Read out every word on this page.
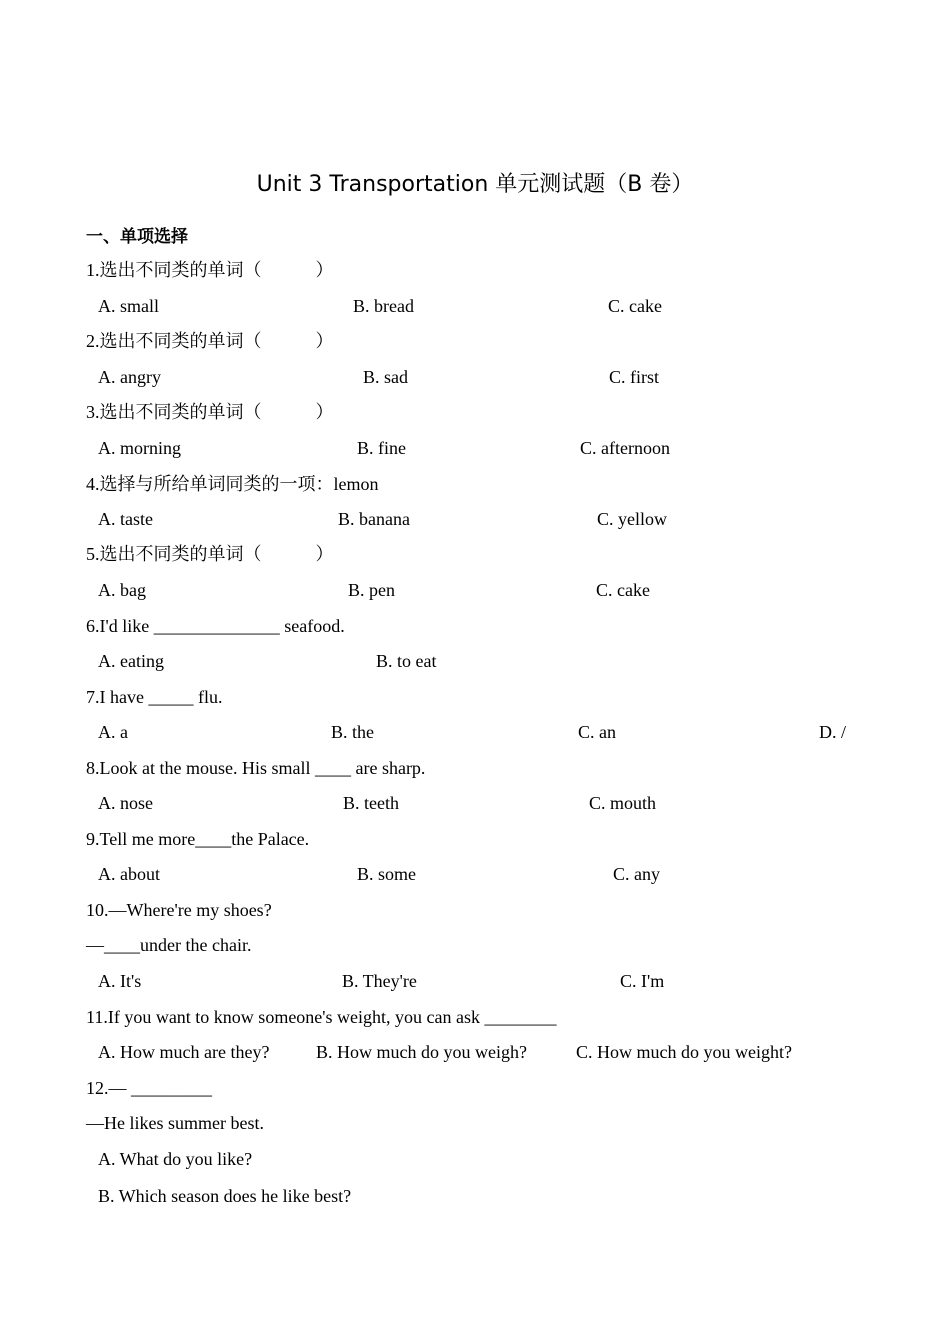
Unit 3 Transportation 单元测试题（B 卷）
一、单项选择
1.选出不同类的单词（　　　）
A. small	B. bread	C. cake
2.选出不同类的单词（　　　）
A. angry	B. sad	C. first
3.选出不同类的单词（　　　）
A. morning	B. fine	C. afternoon
4.选择与所给单词同类的一项：lemon
A. taste	B. banana	C. yellow
5.选出不同类的单词（　　　）
A. bag	B. pen	C. cake
6.I'd like ______________ seafood.
A. eating	B. to eat
7.I have _____ flu.
A. a	B. the	C. an	D. /
8.Look at the mouse. His small ____ are sharp.
A. nose	B. teeth	C. mouth
9.Tell me more____the Palace.
A. about	B. some	C. any
10.—Where're my shoes?
—____under the chair.
A. It's	B. They're	C. I'm
11.If you want to know someone's weight, you can ask ________
A. How much are they?	B. How much do you weigh?	C. How much do you weight?
12.— _________
—He likes summer best.
A. What do you like?
B. Which season does he like best?
